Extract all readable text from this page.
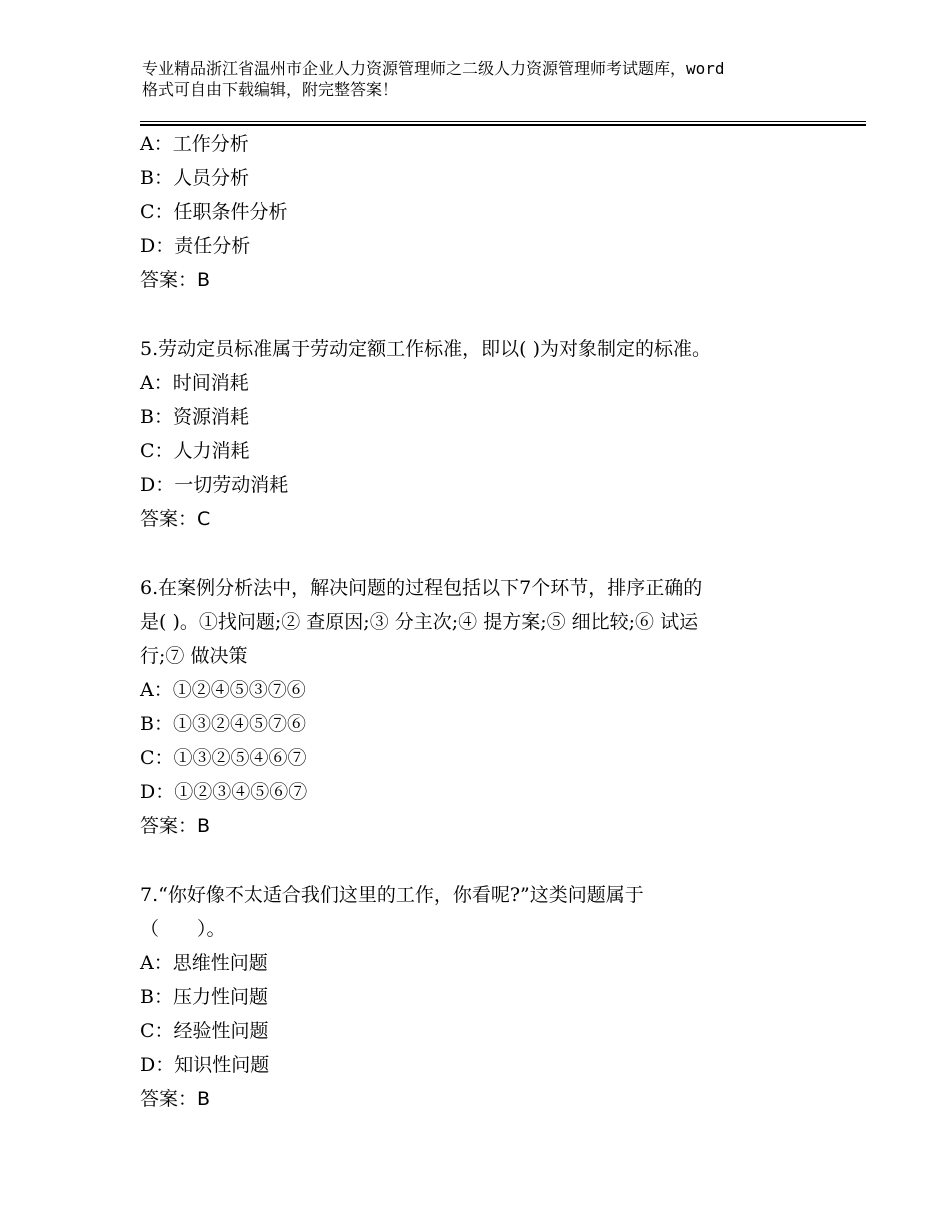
专业精品浙江省温州市企业人力资源管理师之二级人力资源管理师考试题库，word
格式可自由下载编辑，附完整答案！
A：工作分析
B：人员分析
C：任职条件分析
D：责任分析
答案：B
5.劳动定员标准属于劳动定额工作标准，即以( )为对象制定的标准。
A：时间消耗
B：资源消耗
C：人力消耗
D：一切劳动消耗
答案：C
6.在案例分析法中，解决问题的过程包括以下7个环节，排序正确的
是( )。①找问题;② 查原因;③ 分主次;④ 提方案;⑤ 细比较;⑥ 试运
行;⑦ 做决策
A：①②④⑤③⑦⑥
B：①③②④⑤⑦⑥
C：①③②⑤④⑥⑦
D：①②③④⑤⑥⑦
答案：B
7.“你好像不太适合我们这里的工作，你看呢?”这类问题属于
（　　）。
A：思维性问题
B：压力性问题
C：经验性问题
D：知识性问题
答案：B
